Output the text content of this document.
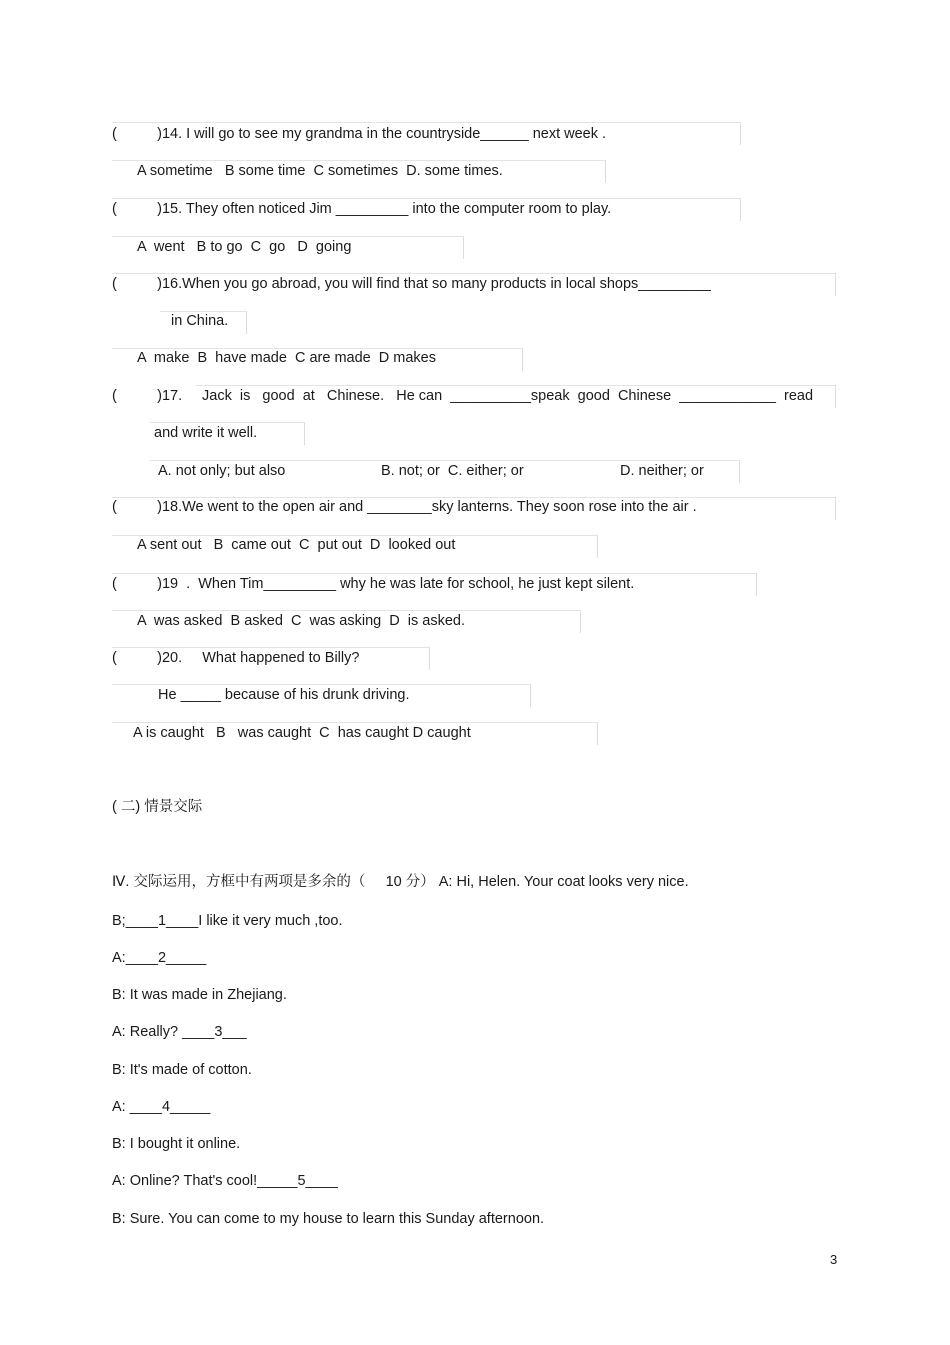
(          )14. I will go to see my grandma in the countryside______ next week .
A sometime   B some time  C sometimes  D. some times.
(          )15. They often noticed Jim _________ into the computer room to play.
A  went   B to go  C  go   D  going
(          )16.When you go abroad, you will find that so many products in local shops_________
in China.
A  make  B  have made  C are made  D makes
(          )17. Jack  is   good  at   Chinese.   He can  __________speak  good  Chinese  ____________  read
and write it well.
A. not only; but also	B. not; or  C. either; or	D. neither; or
(          )18.We went to the open air and ________sky lanterns. They soon rose into the air .
A sent out   B  came out  C  put out  D  looked out
(          )19  .  When Tim_________ why he was late for school, he just kept silent.
A  was asked  B asked  C  was asking  D  is asked.
(          )20.     What happened to Billy?
He _____ because of his drunk driving.
A is caught   B   was caught  C  has caught D caught
( 二) 情景交际
Ⅳ. 交际运用，方框中有两项是多余的（     10 分） A: Hi, Helen. Your coat looks very nice.
B;____1____I like it very much ,too.
A:____2_____
B: It was made in Zhejiang.
A: Really? ____3___
B: It's made of cotton.
A: ____4_____
B: I bought it online.
A: Online? That's cool!_____5____
B: Sure. You can come to my house to learn this Sunday afternoon.
3
